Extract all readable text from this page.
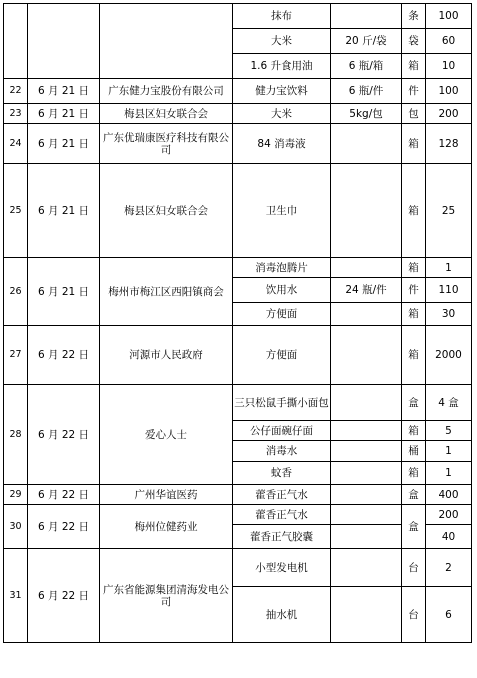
			抹布		条	100
			大米	20 斤/袋	袋	60
			1.6 升食用油	6 瓶/箱	箱	10
22	6 月 21 日	广东健力宝股份有限公司	健力宝饮料	6 瓶/件	件	100
23	6 月 21 日	梅县区妇女联合会	大米	5kg/包	包	200
24	6 月 21 日	广东优瑞康医疗科技有限公司	84 消毒液		箱	128
25	6 月 21 日	梅县区妇女联合会	卫生巾		箱	25
26	6 月 21 日	梅州市梅江区西阳镇商会	消毒泡腾片		箱	1
			饮用水	24 瓶/件	件	110
			方便面		箱	30
27	6 月 22 日	河源市人民政府	方便面		箱	2000
28	6 月 22 日	爱心人士	三只松鼠手撕小面包		盒	4 盒
			公仔面碗仔面		箱	5
			消毒水		桶	1
			蚊香		箱	1
29	6 月 22 日	广州华谊医药	藿香正气水		盒	400
30	6 月 22 日	梅州位健药业	藿香正气水		盒	200
			藿香正气胶囊			40
31	6 月 22 日	广东省能源集团清海发电公司	小型发电机		台	2
			抽水机		台	6
